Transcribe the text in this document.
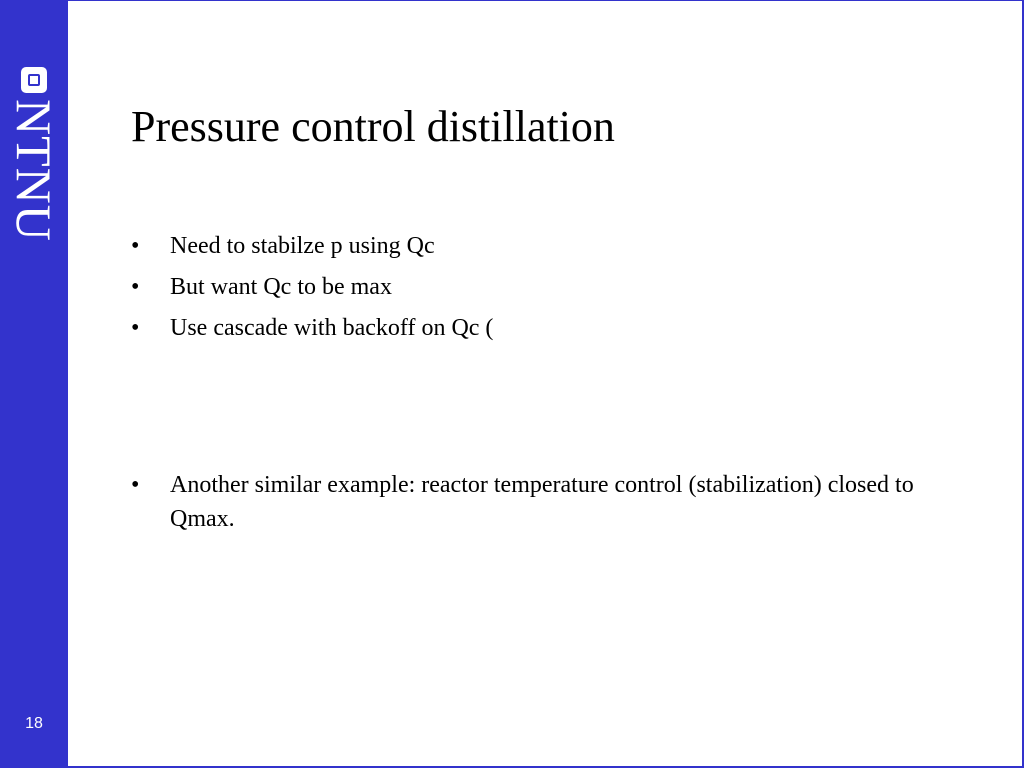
NTNU
18
Pressure control distillation
• Need to stabilze p using Qc
• But want Qc to be max
• Use cascade with backoff on Qc (
• Another similar example: reactor temperature control (stabilization) closed to Qmax.
